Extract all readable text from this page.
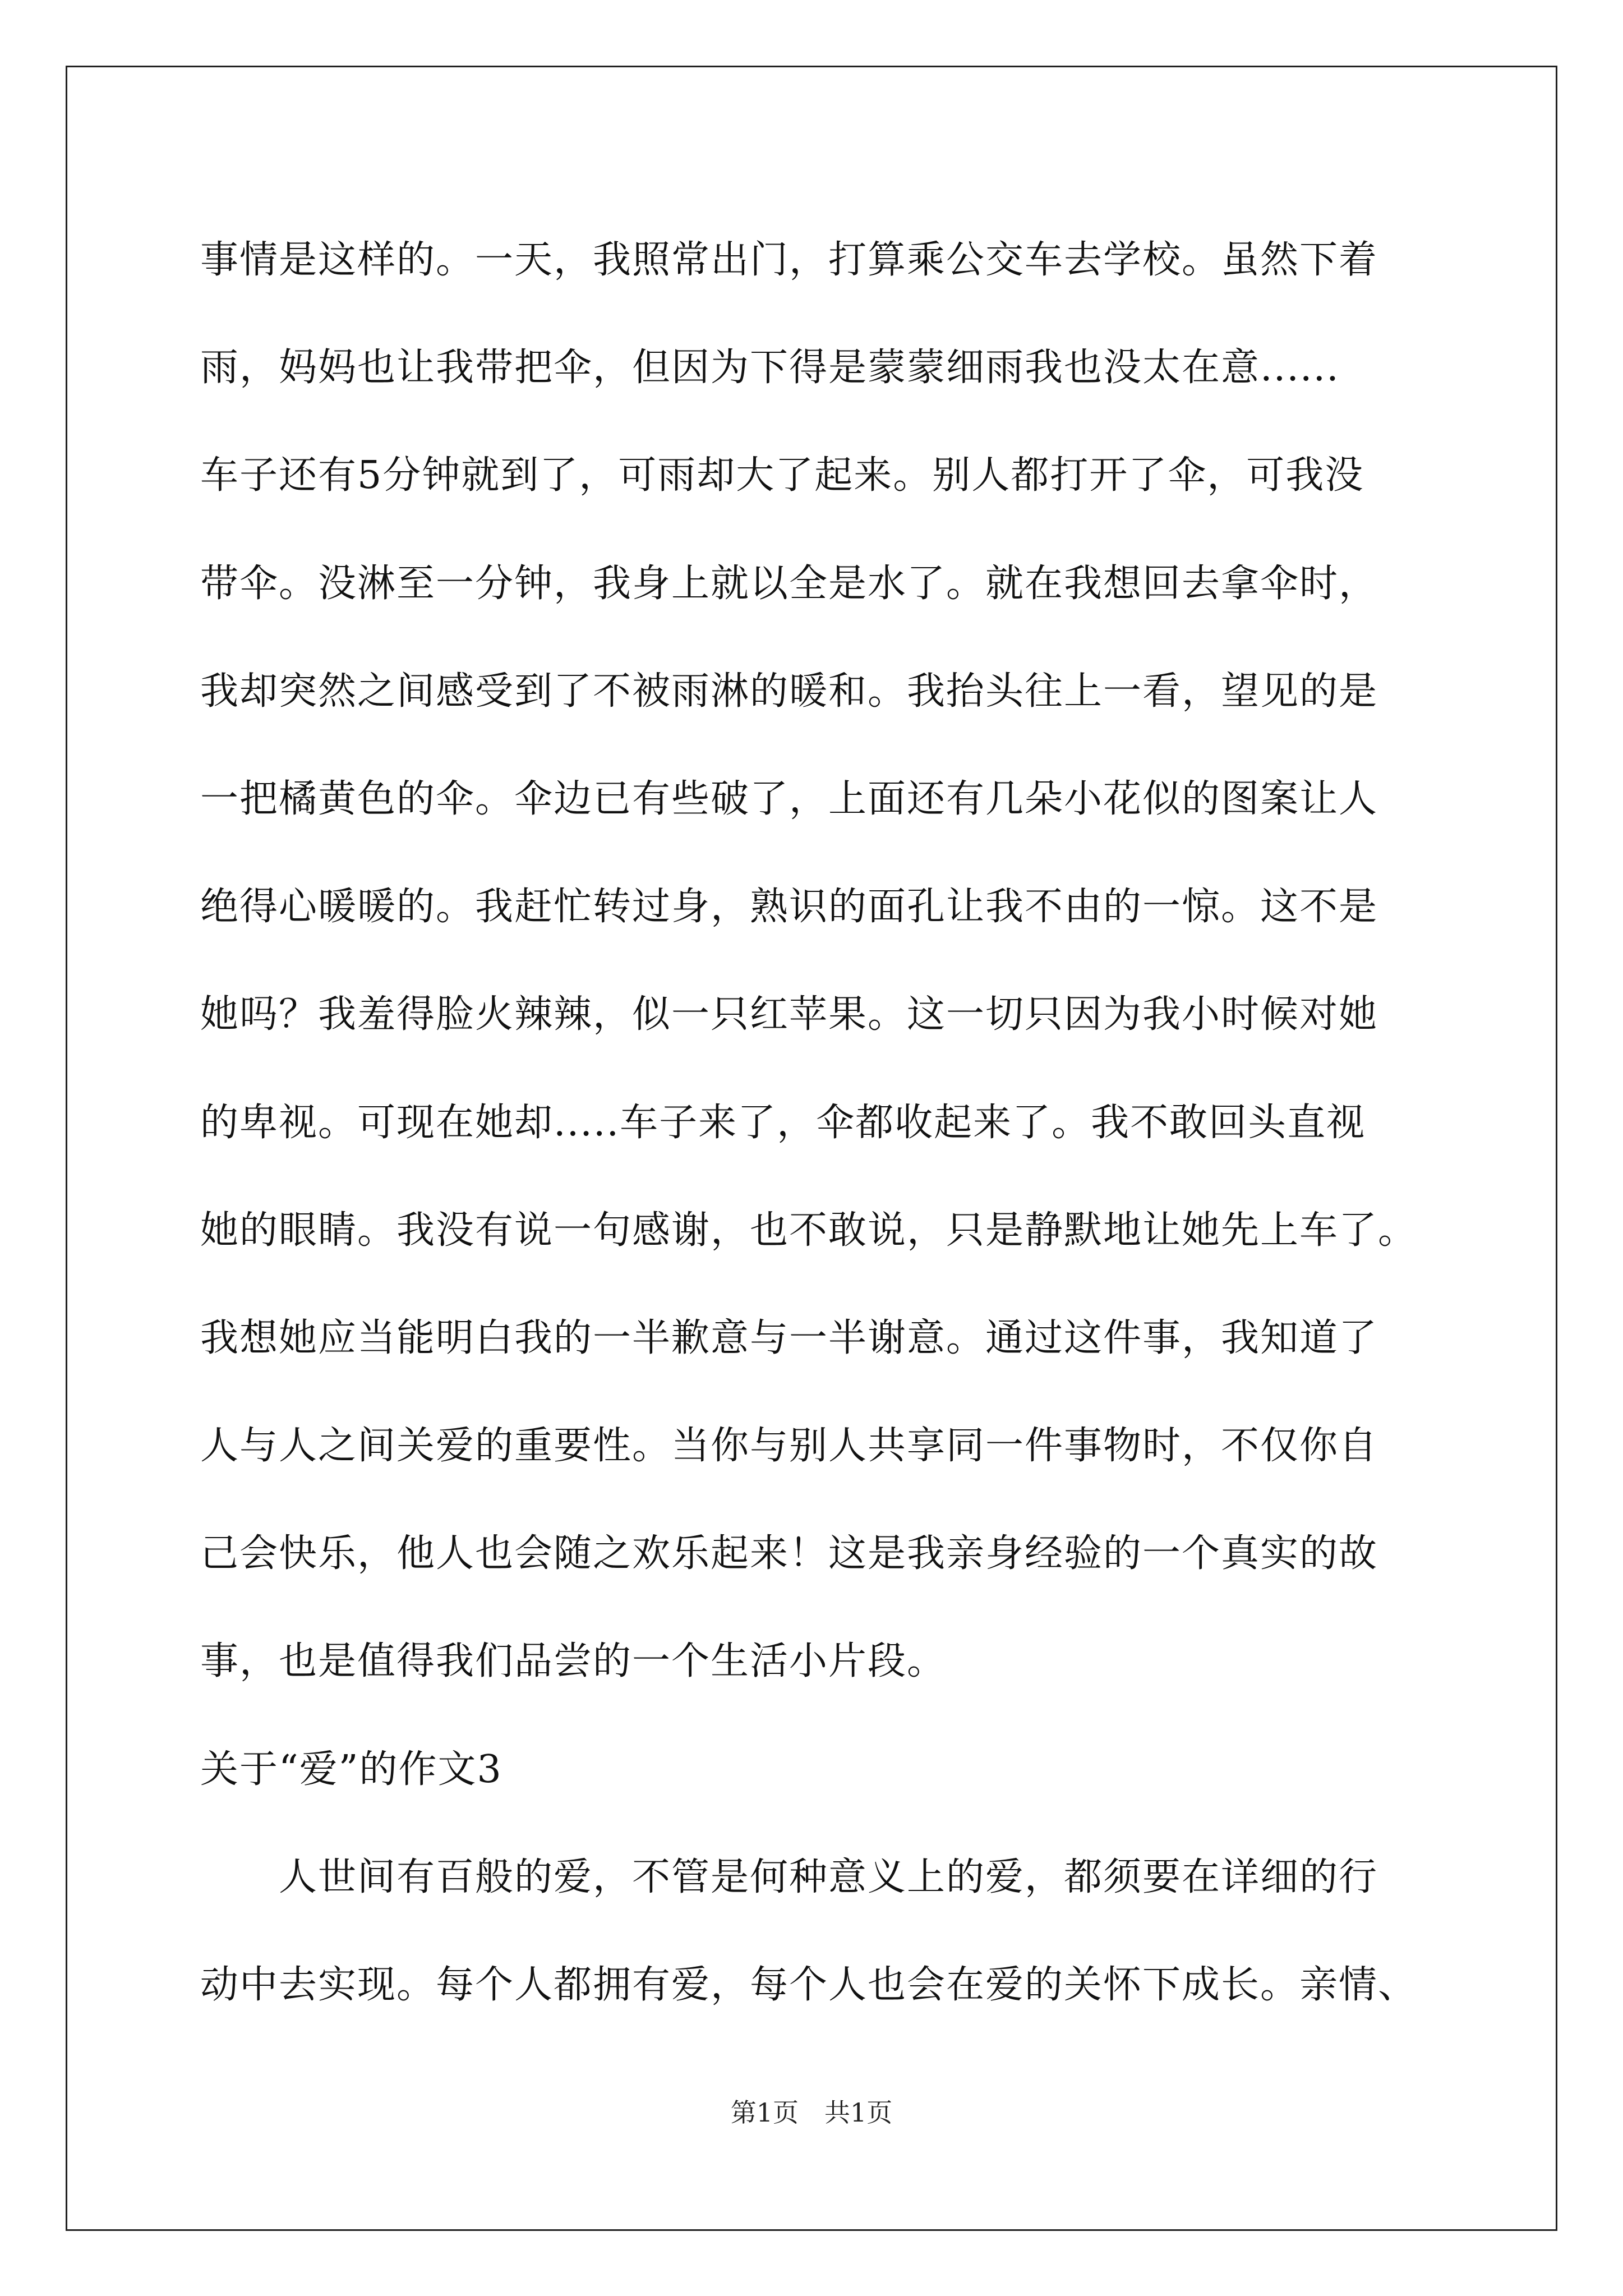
事情是这样的。一天，我照常出门，打算乘公交车去学校。虽然下着
雨，妈妈也让我带把伞，但因为下得是蒙蒙细雨我也没太在意......
车子还有5分钟就到了，可雨却大了起来。别人都打开了伞，可我没
带伞。没淋至一分钟，我身上就以全是水了。就在我想回去拿伞时，
我却突然之间感受到了不被雨淋的暖和。我抬头往上一看，望见的是
一把橘黄色的伞。伞边已有些破了，上面还有几朵小花似的图案让人
绝得心暖暖的。我赶忙转过身，熟识的面孔让我不由的一惊。这不是
她吗？我羞得脸火辣辣，似一只红苹果。这一切只因为我小时候对她
的卑视。可现在她却.....车子来了，伞都收起来了。我不敢回头直视
她的眼睛。我没有说一句感谢，也不敢说，只是静默地让她先上车了。
我想她应当能明白我的一半歉意与一半谢意。通过这件事，我知道了
人与人之间关爱的重要性。当你与别人共享同一件事物时，不仅你自
己会快乐，他人也会随之欢乐起来！这是我亲身经验的一个真实的故
事，也是值得我们品尝的一个生活小片段。
关于“爱”的作文3
人世间有百般的爱，不管是何种意义上的爱，都须要在详细的行
动中去实现。每个人都拥有爱，每个人也会在爱的关怀下成长。亲情、
第1页　共1页
